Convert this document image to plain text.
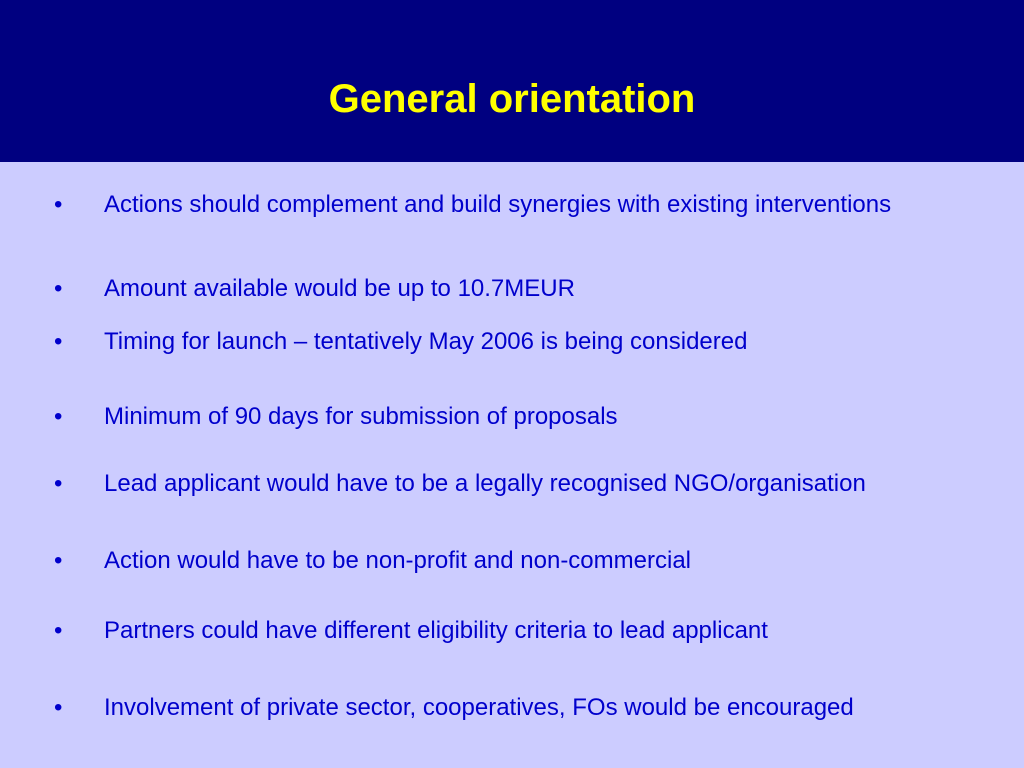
General orientation
•	Actions should complement and build synergies with existing interventions
•	Amount available would be up to 10.7MEUR
•	Timing for launch – tentatively May 2006 is being considered
•	Minimum of 90 days for submission of proposals
•	Lead applicant would have to be a legally recognised NGO/organisation
•	Action would have to be non-profit and non-commercial
•	Partners could have different eligibility criteria to lead applicant
•	Involvement of private sector, cooperatives, FOs would be encouraged
